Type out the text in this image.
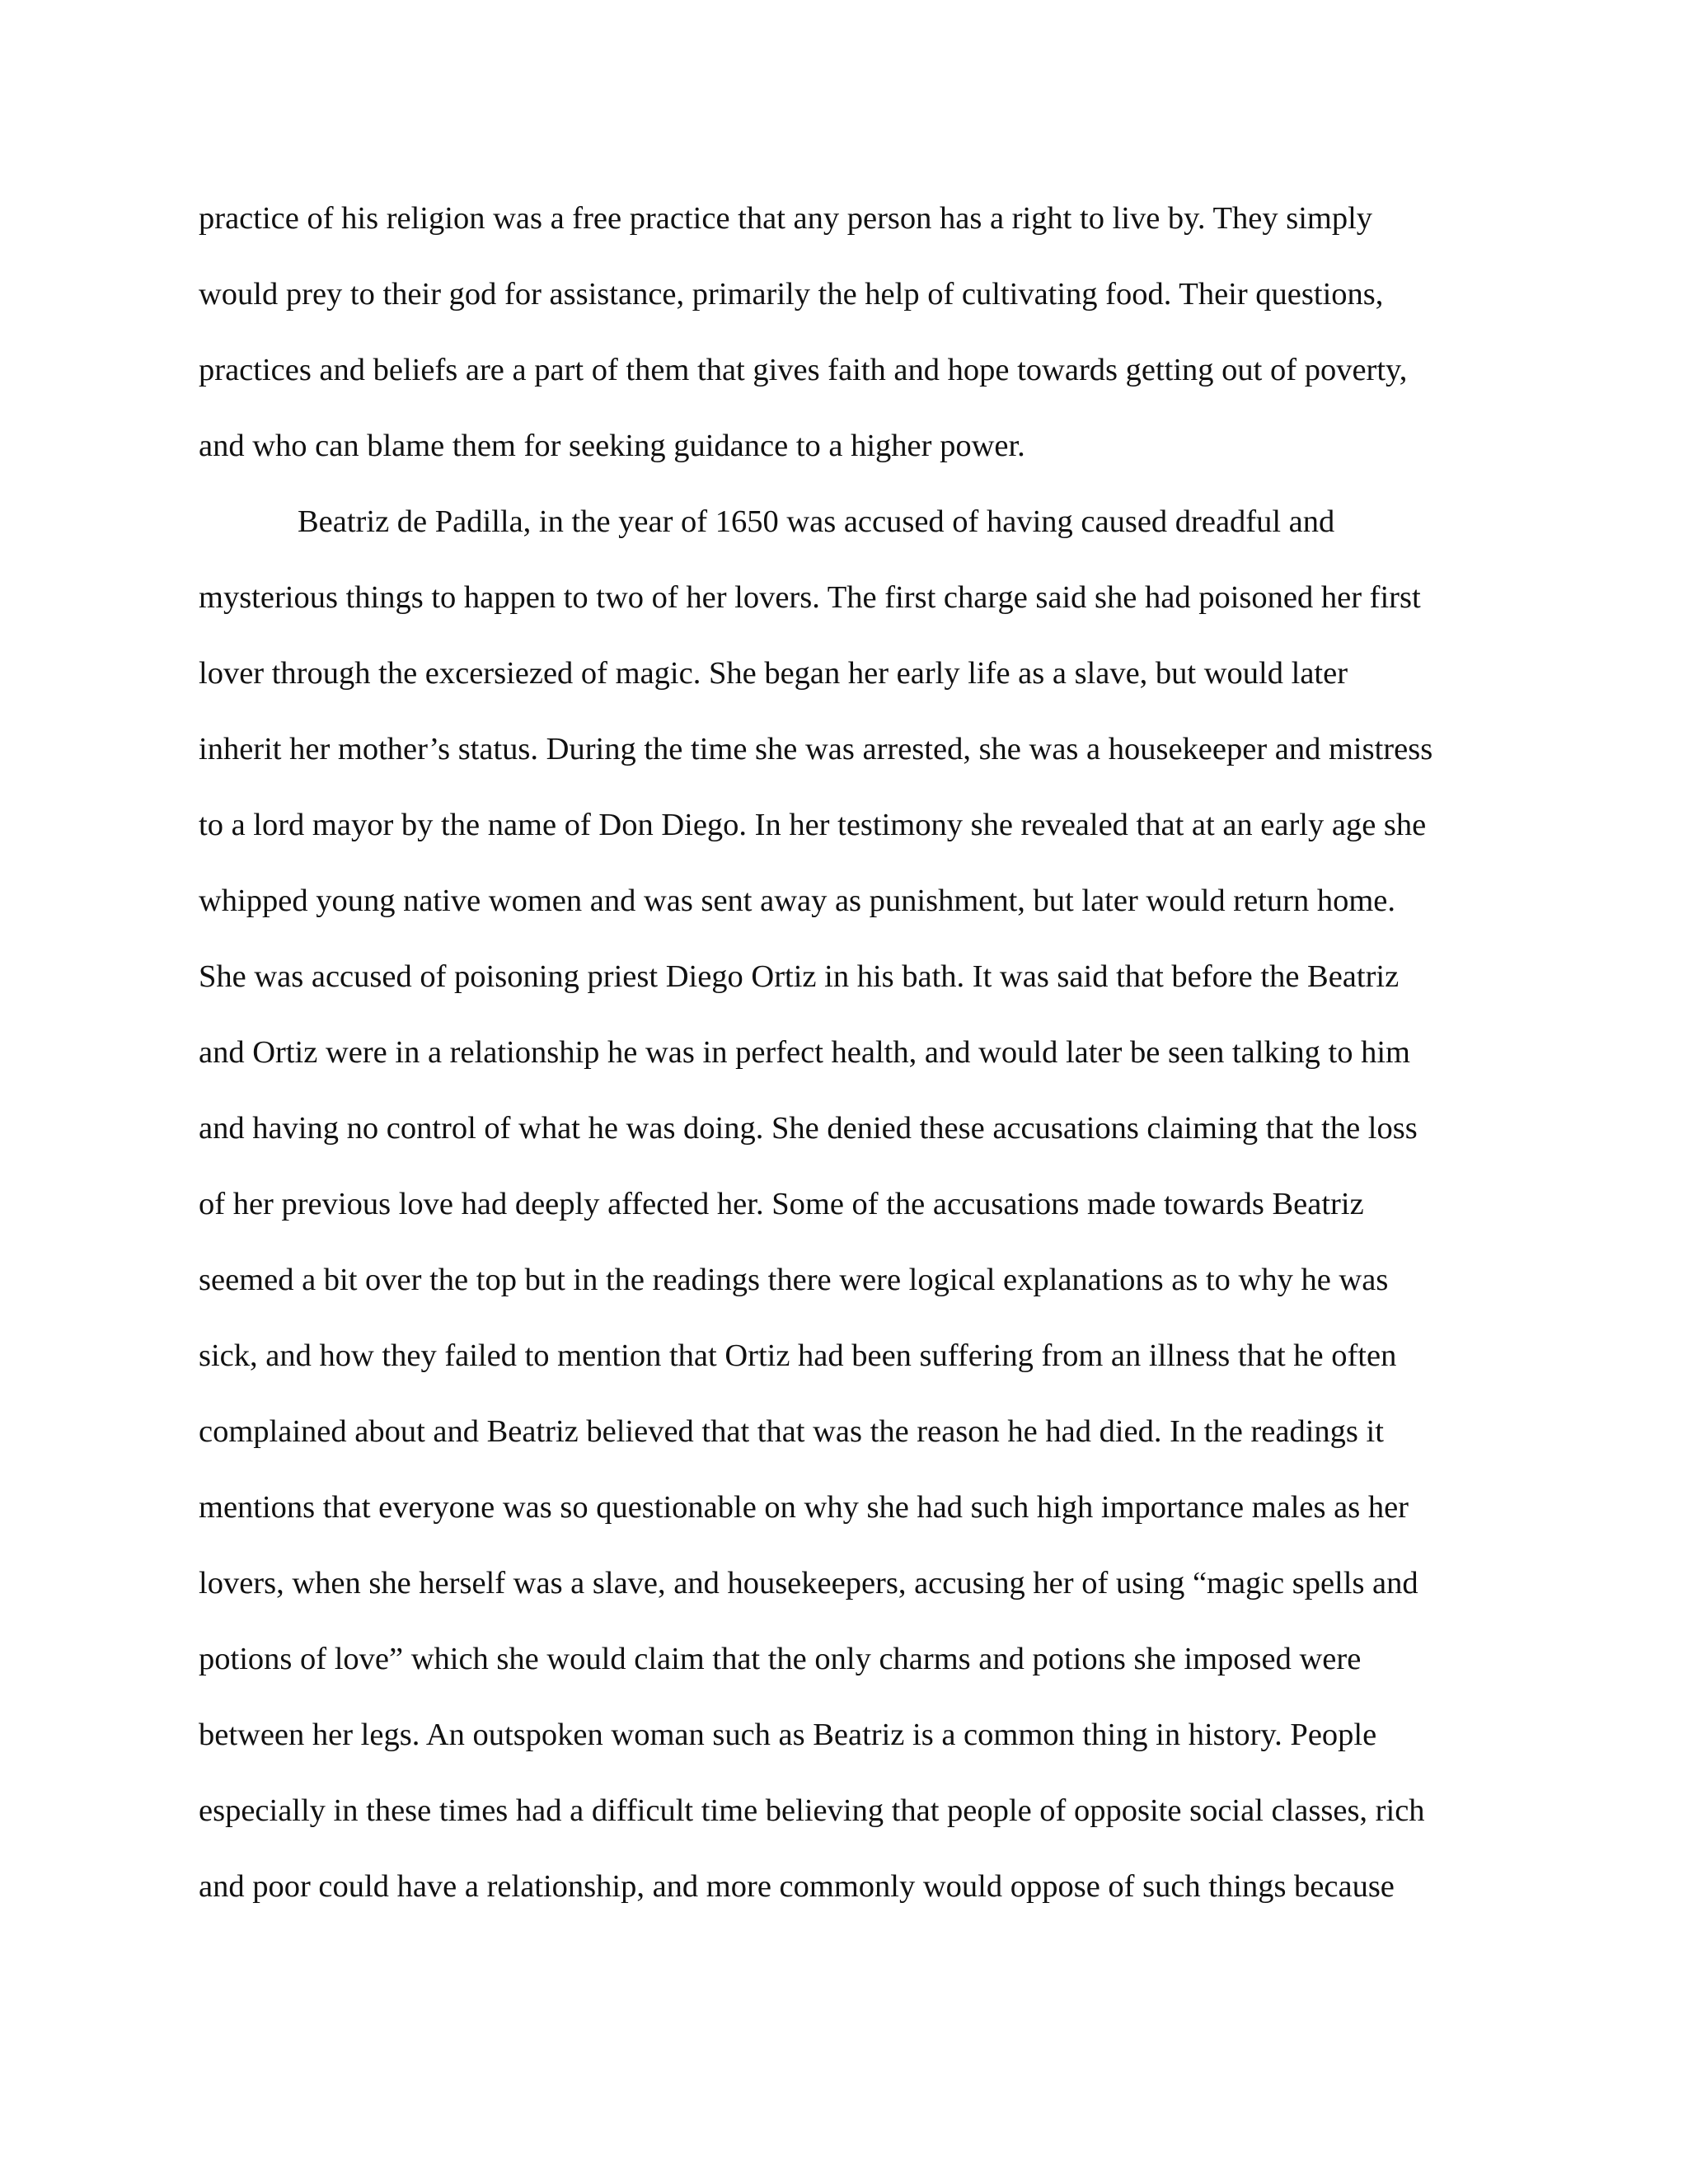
practice of his religion was a free practice that any person has a right to live by. They simply
would prey to their god for assistance, primarily the help of cultivating food. Their questions,
practices and beliefs are a part of them that gives faith and hope towards getting out of poverty,
and who can blame them for seeking guidance to a higher power.
Beatriz de Padilla, in the year of 1650 was accused of having caused dreadful and
mysterious things to happen to two of her lovers. The first charge said she had poisoned her first
lover through the excersiezed of magic. She began her early life as a slave, but would later
inherit her mother’s status. During the time she was arrested, she was a housekeeper and mistress
to a lord mayor by the name of Don Diego. In her testimony she revealed that at an early age she
whipped young native women and was sent away as punishment, but later would return home.
She was accused of poisoning priest Diego Ortiz in his bath. It was said that before the Beatriz
and Ortiz were in a relationship he was in perfect health, and would later be seen talking to him
and having no control of what he was doing. She denied these accusations claiming that the loss
of her previous love had deeply affected her. Some of the accusations made towards Beatriz
seemed a bit over the top but in the readings there were logical explanations as to why he was
sick, and how they failed to mention that Ortiz had been suffering from an illness that he often
complained about and Beatriz believed that that was the reason he had died. In the readings it
mentions that everyone was so questionable on why she had such high importance males as her
lovers, when she herself was a slave, and housekeepers, accusing her of using “magic spells and
potions of love” which she would claim that the only charms and potions she imposed were
between her legs. An outspoken woman such as Beatriz is a common thing in history. People
especially in these times had a difficult time believing that people of opposite social classes, rich
and poor could have a relationship, and more commonly would oppose of such things because
